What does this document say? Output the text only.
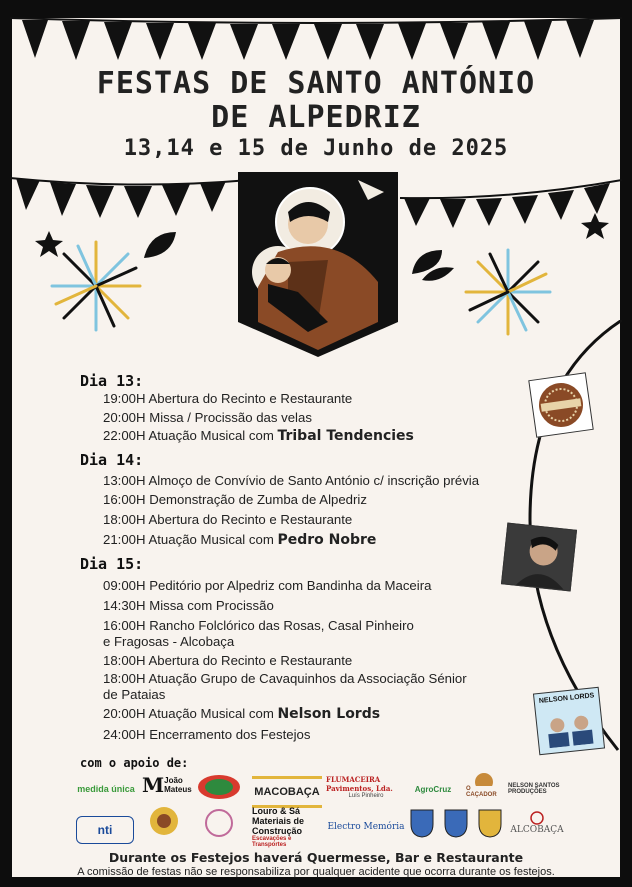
FESTAS DE SANTO ANTÓNIO
DE ALPEDRIZ
13,14 e 15 de Junho de 2025
NELSON LORDS
Dia 13:
19:00H Abertura do Recinto e Restaurante
20:00H Missa / Procissão das velas
22:00H Atuação Musical com Tribal Tendencies
Dia 14:
13:00H Almoço de Convívio de Santo António c/ inscrição prévia
16:00H Demonstração de Zumba de Alpedriz
18:00H Abertura do Recinto e Restaurante
21:00H Atuação Musical com Pedro Nobre
Dia 15:
09:00H Peditório por Alpedriz com Bandinha da Maceira
14:30H Missa com Procissão
16:00H Rancho Folclórico das Rosas, Casal Pinheiro
e Fragosas - Alcobaça
18:00H Abertura do Recinto e Restaurante
18:00H Atuação Grupo de Cavaquinhos da Associação Sénior
de Pataias
20:00H Atuação Musical com Nelson Lords
24:00H Encerramento dos Festejos
com o apoio de:
medida única M João Mateus	MACOBAÇA
FLUMACEIRA Pavimentos, Lda.
Luís Pinheiro
AgroCruz	O CAÇADOR
NELSON SANTOS PRODUÇÕES
nti
Louro & Sá Materiais de Construção
Escavações e Transportes
Electro Memória	ALCOBAÇA
Durante os Festejos haverá Quermesse, Bar e Restaurante
A comissão de festas não se responsabiliza por qualquer acidente que ocorra durante os festejos.
